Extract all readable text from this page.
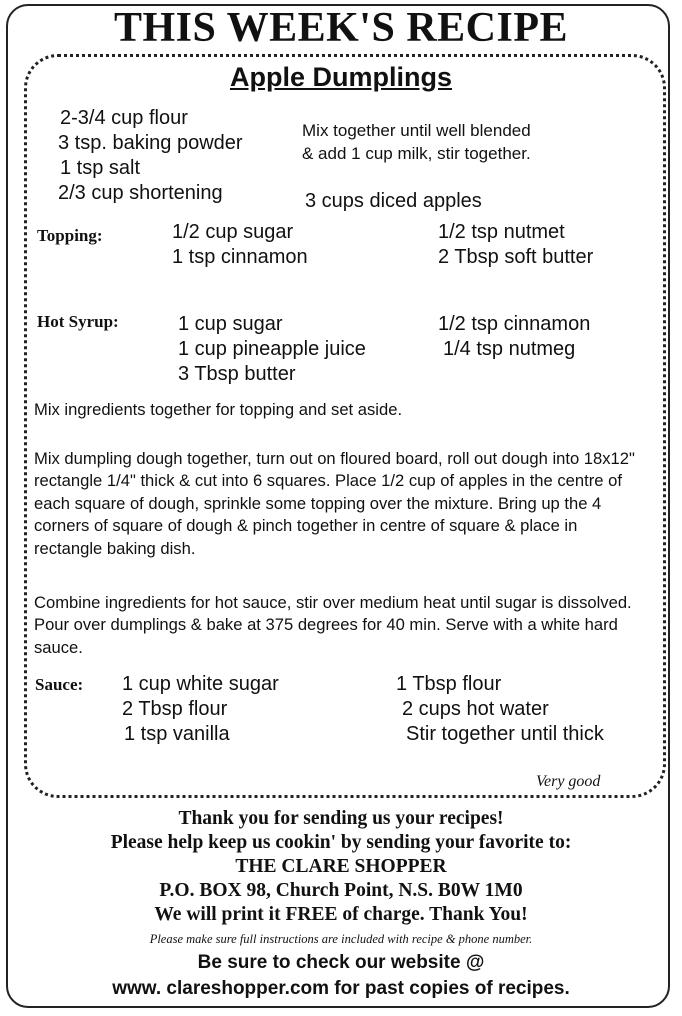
THIS WEEK'S RECIPE
Apple Dumplings
2-3/4 cup flour
3 tsp. baking powder
1 tsp salt
2/3 cup shortening
Mix together until well blended
& add 1 cup milk, stir together.
3 cups diced apples
Topping:	1/2 cup sugar
1 tsp cinnamon
1/2 tsp nutmet
2 Tbsp soft butter
Hot Syrup:	1 cup sugar
1 cup pineapple juice
3 Tbsp butter
1/2 tsp cinnamon
1/4 tsp nutmeg

Mix ingredients together for topping and set aside.

Mix dumpling dough together, turn out on floured board, roll out dough into 18x12" rectangle 1/4" thick & cut into 6 squares. Place 1/2 cup of apples in the centre of each square of dough, sprinkle some topping over the mixture. Bring up the 4 corners of square of dough & pinch together in centre of square & place in rectangle baking dish.

Combine ingredients for hot sauce, stir over medium heat until sugar is dissolved. Pour over dumplings & bake at 375 degrees for 40 min. Serve with a white hard sauce.

Sauce: 1 cup white sugar
2 Tbsp flour
1 tsp vanilla
1 Tbsp flour
2 cups hot water
Stir together until thick
Very good

Thank you for sending us your recipes!

Please help keep us cookin' by sending your favorite to:

THE CLARE SHOPPER

P.O. BOX 98, Church Point, N.S. B0W 1M0

We will print it FREE of charge. Thank You!

Please make sure full instructions are included with recipe & phone number.

Be sure to check our website @

www. clareshopper.com for past copies of recipes.
